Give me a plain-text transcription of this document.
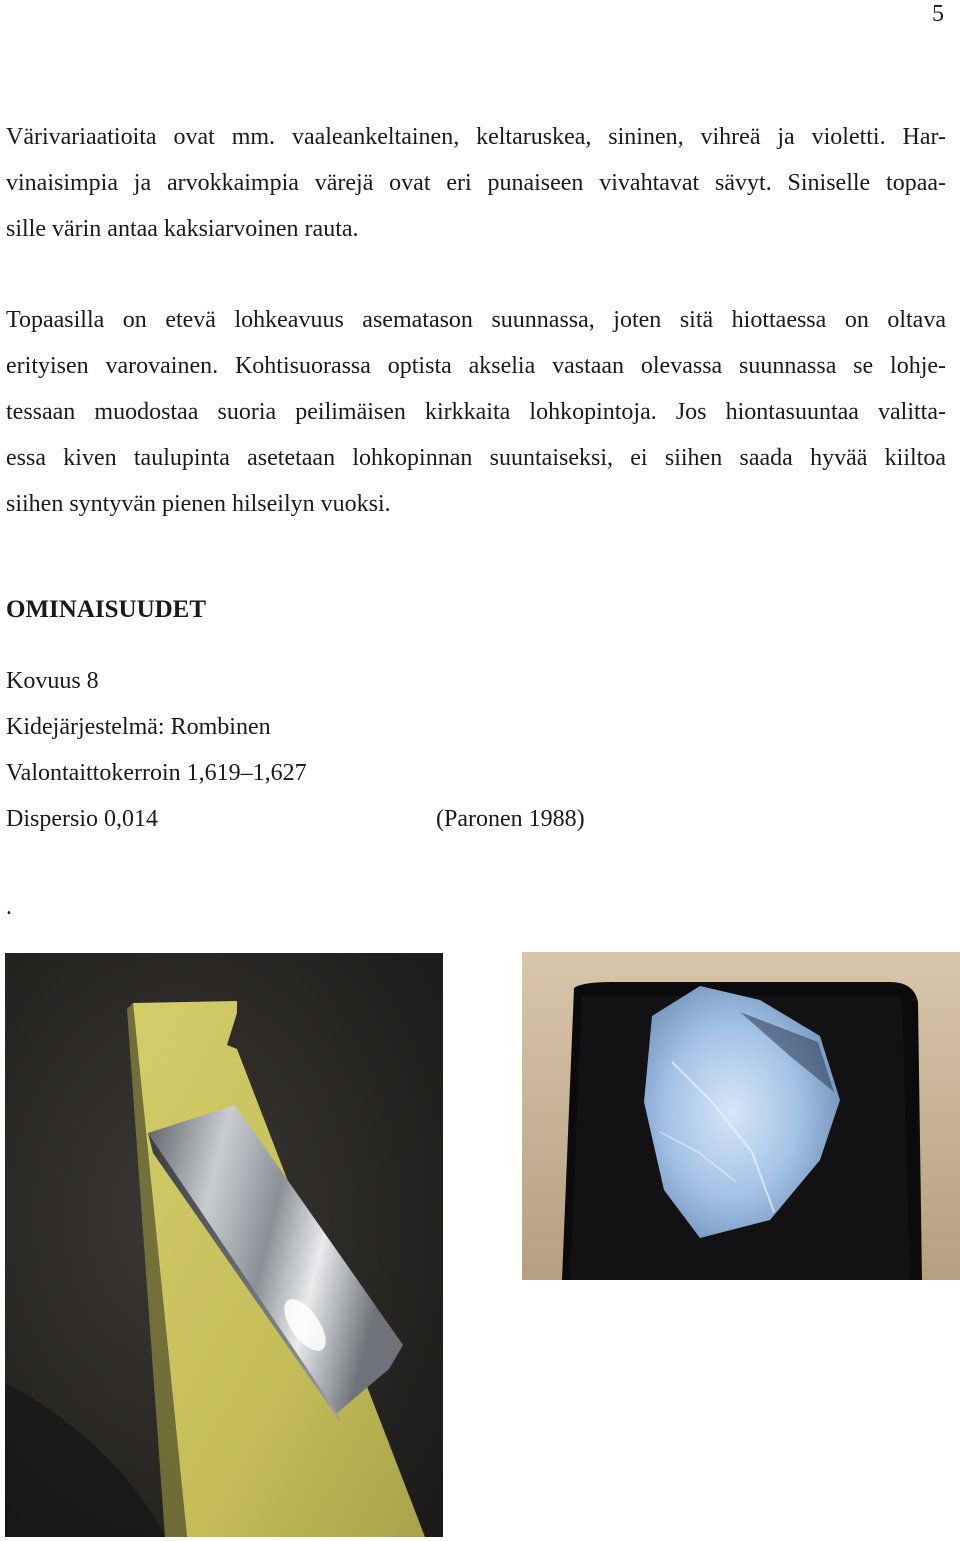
5
Värivariaatioita ovat mm. vaaleankeltainen, keltaruskea, sininen, vihreä ja violetti. Har-
vinaisimpia ja arvokkaimpia värejä ovat eri punaiseen vivahtavat sävyt. Siniselle topaa-
sille värin antaa kaksiarvoinen rauta.
Topaasilla on etevä lohkeavuus asematason suunnassa, joten sitä hiottaessa on oltava
erityisen varovainen. Kohtisuorassa optista akselia vastaan olevassa suunnassa se lohje-
tessaan muodostaa suoria peilimäisen kirkkaita lohkopintoja. Jos hiontasuuntaa valitta-
essa kiven taulupinta asetetaan lohkopinnan suuntaiseksi, ei siihen saada hyvää kiiltoa
siihen syntyvän pienen hilseilyn vuoksi.
OMINAISUUDET
Kovuus 8
Kidejärjestelmä: Rombinen
Valontaittokerroin 1,619–1,627
Dispersio 0,014	(Paronen 1988)
.
